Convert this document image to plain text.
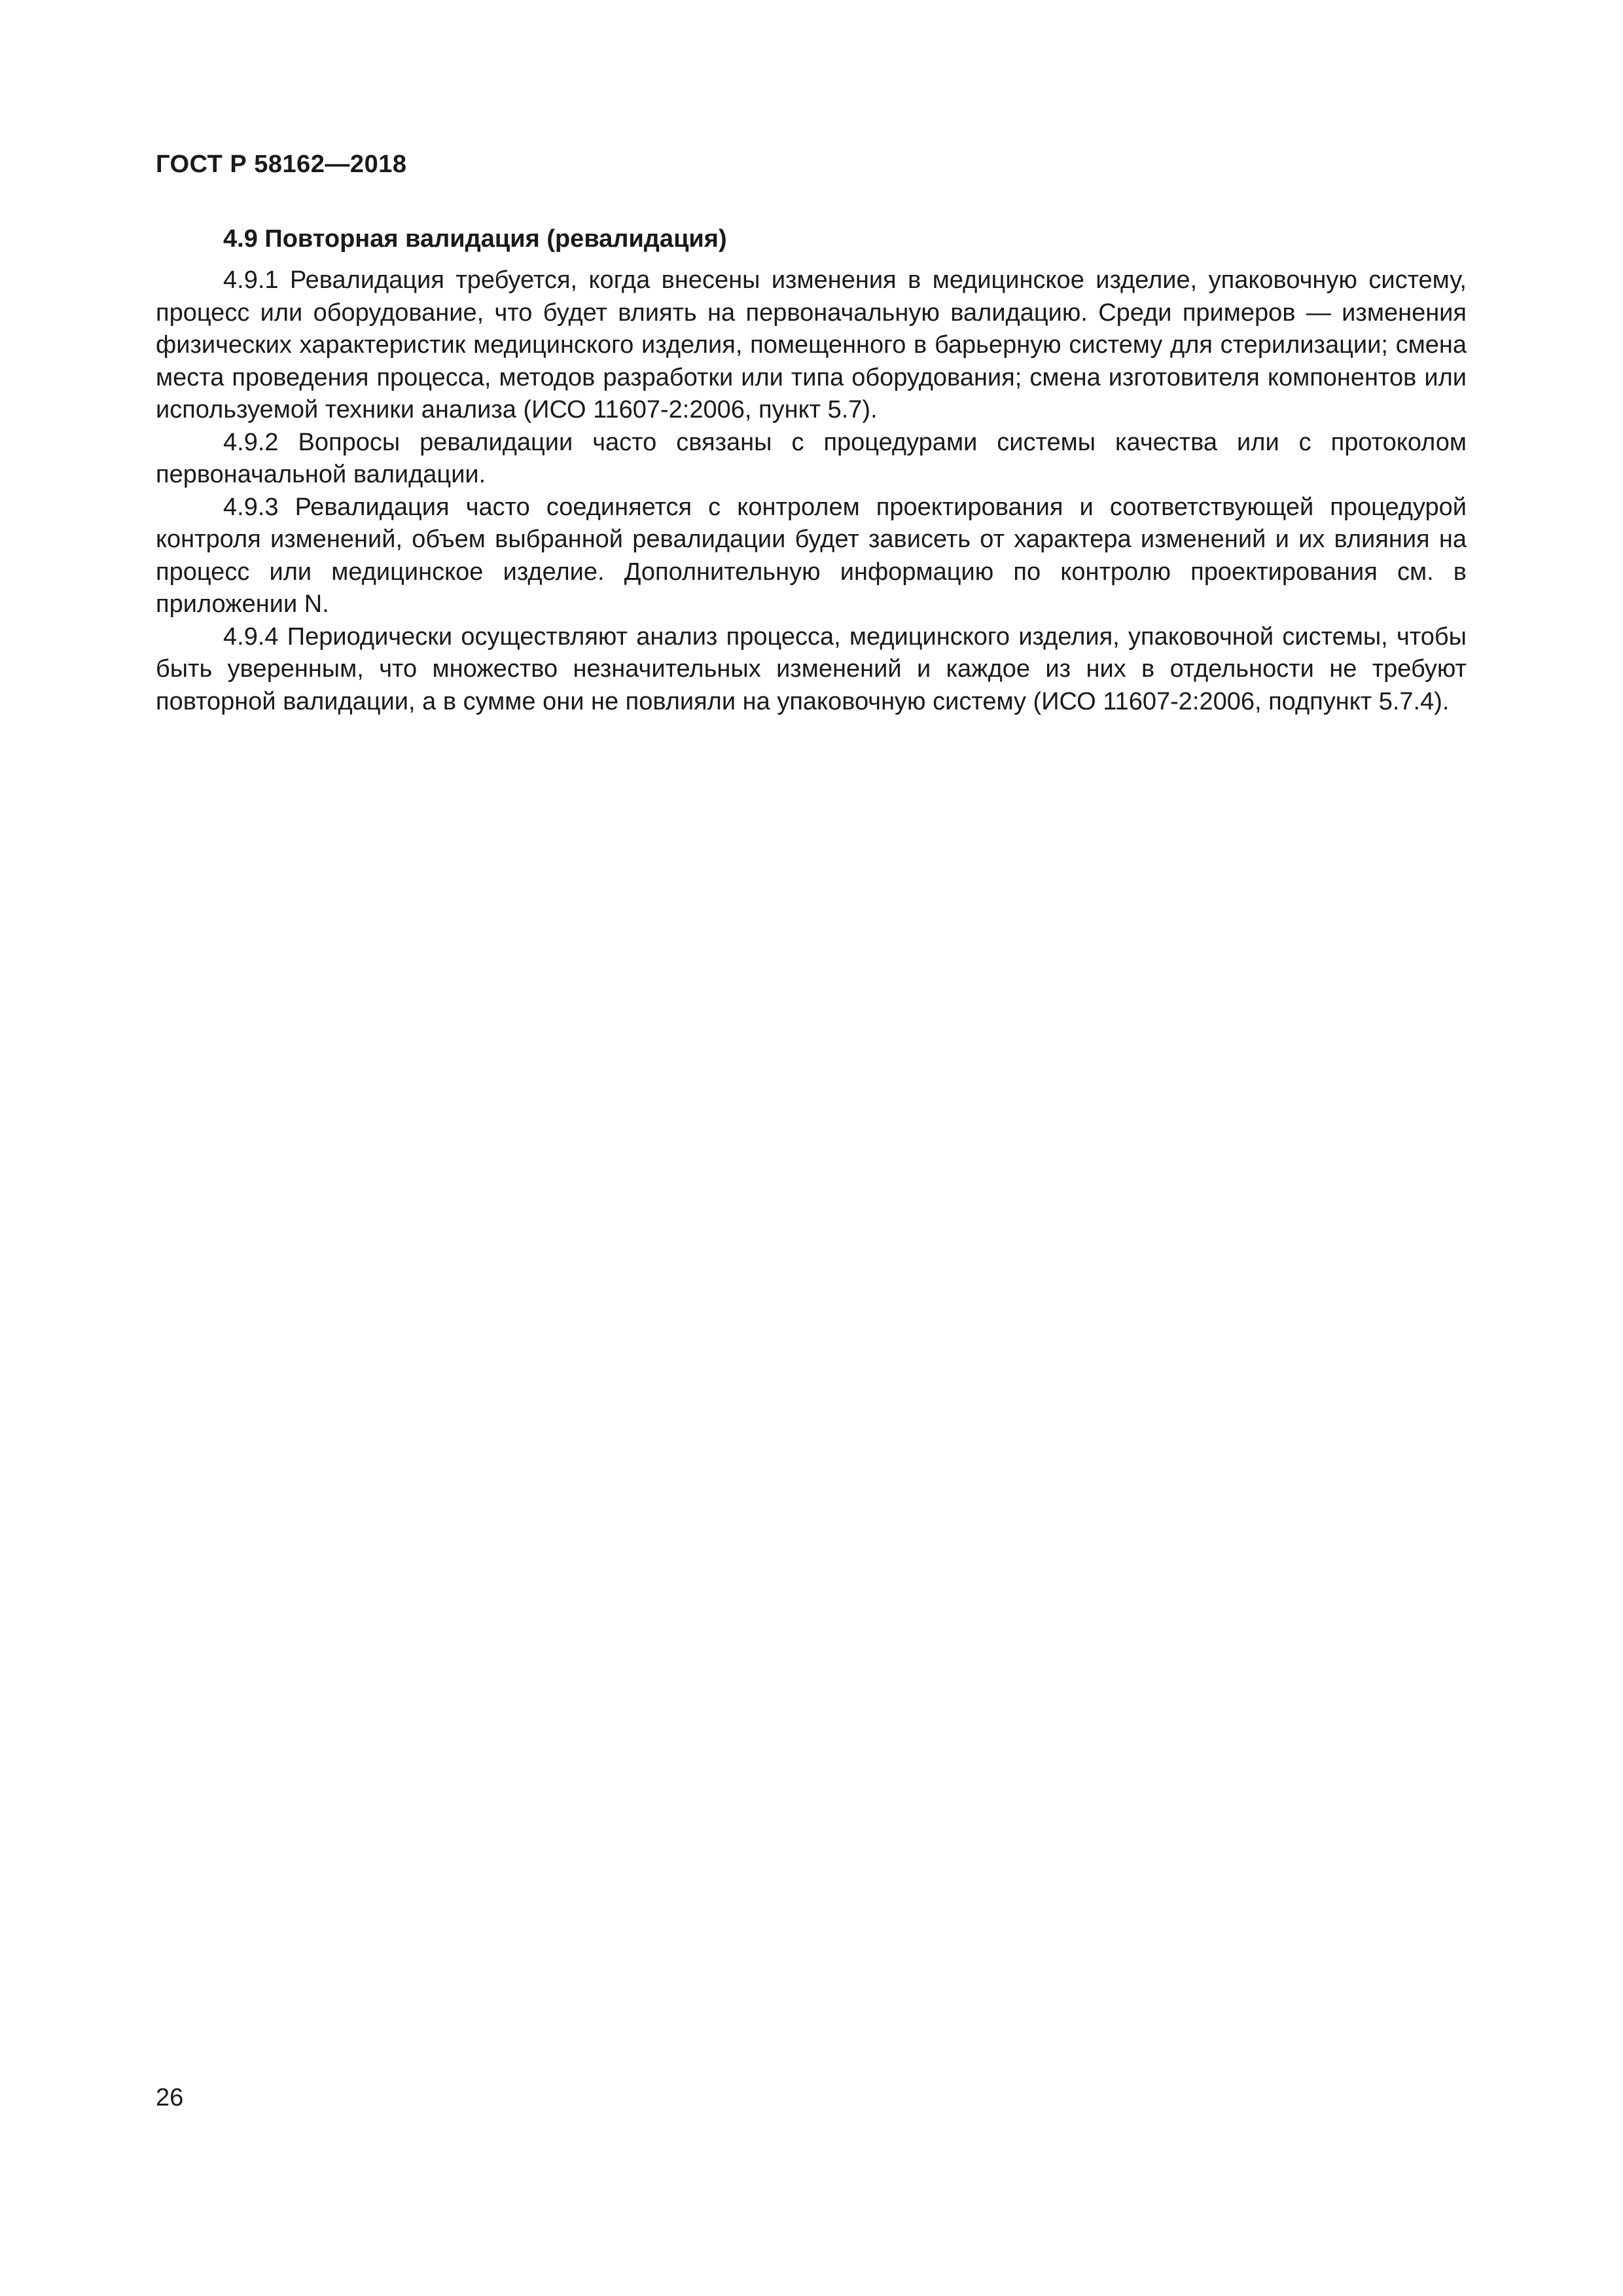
ГОСТ Р 58162—2018
4.9 Повторная валидация (ревалидация)

4.9.1 Ревалидация требуется, когда внесены изменения в медицинское изделие, упаковочную систему, процесс или оборудование, что будет влиять на первоначальную валидацию. Среди примеров — изменения физических характеристик медицинского изделия, помещенного в барьерную систему для стерилизации; смена места проведения процесса, методов разработки или типа оборудования; смена изготовителя компонентов или используемой техники анализа (ИСО 11607-2:2006, пункт 5.7).

4.9.2 Вопросы ревалидации часто связаны с процедурами системы качества или с протоколом первоначальной валидации.

4.9.3 Ревалидация часто соединяется с контролем проектирования и соответствующей процедурой контроля изменений, объем выбранной ревалидации будет зависеть от характера изменений и их влияния на процесс или медицинское изделие. Дополнительную информацию по контролю проектирования см. в приложении N.

4.9.4 Периодически осуществляют анализ процесса, медицинского изделия, упаковочной системы, чтобы быть уверенным, что множество незначительных изменений и каждое из них в отдельности не требуют повторной валидации, а в сумме они не повлияли на упаковочную систему (ИСО 11607-2:2006, подпункт 5.7.4).

26
